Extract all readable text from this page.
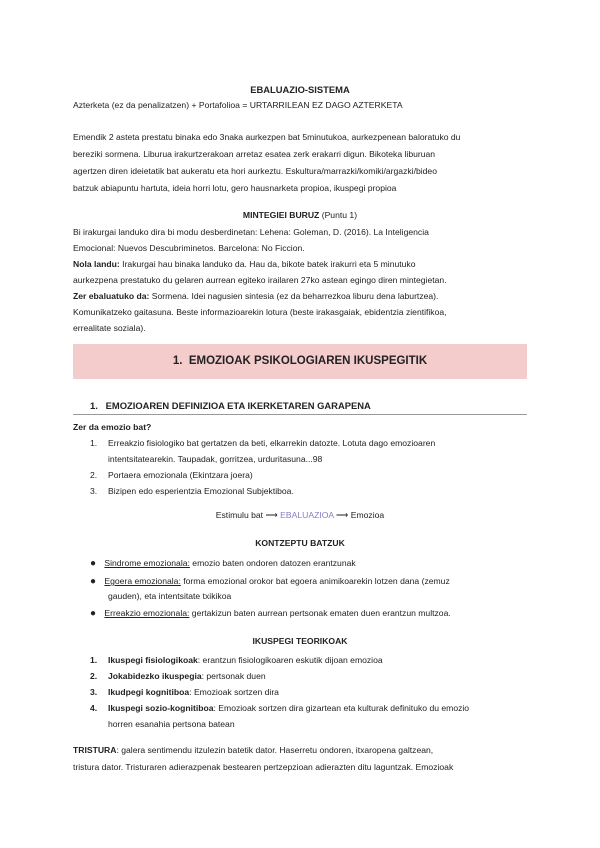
EBALUAZIO-SISTEMA
Azterketa (ez da penalizatzen) + Portafolioa = URTARRILEAN EZ DAGO AZTERKETA
Emendik 2 asteta prestatu binaka edo 3naka aurkezpen bat 5minutukoa, aurkezpenean baloratuko du
bereziki sormena. Liburua irakurtzerakoan arretaz esatea zerk erakarri digun. Bikoteka liburuan
agertzen diren ideietatik bat aukeratu eta hori aurkeztu. Eskultura/marrazki/komiki/argazki/bideo
batzuk abiapuntu hartuta, ideia horri lotu, gero hausnarketa propioa, ikuspegi propioa
MINTEGIEI BURUZ (Puntu 1)
Bi irakurgai landuko dira bi modu desberdinetan: Lehena: Goleman, D. (2016). La Inteligencia
Emocional: Nuevos Descubriminetos. Barcelona: No Ficcion.
Nola landu: Irakurgai hau binaka landuko da. Hau da, bikote batek irakurri eta 5 minutuko
aurkezpena prestatuko du gelaren aurrean egiteko irailaren 27ko astean egingo diren mintegietan.
Zer ebaluatuko da: Sormena. Idei nagusien sintesia (ez da beharrezkoa liburu dena laburtzea).
Komunikatzeko gaitasuna. Beste informazioarekin lotura (beste irakasgaiak, ebidentzia zientifikoa,
errealitate soziala).
1. EMOZIOAK PSIKOLOGIAREN IKUSPEGITIK
1. EMOZIOAREN DEFINIZIOA ETA IKERKETAREN GARAPENA
Zer da emozio bat?
1. Erreakzio fisiologiko bat gertatzen da beti, elkarrekin datozte. Lotuta dago emozioaren
intentsitatearekin. Taupadak, gorritzea, urduritasuna...98
2. Portaera emozionala (Ekintzara joera)
3. Bizipen edo esperientzia Emozional Subjektiboa.
Estimulu bat ⟶ EBALUAZIOA ⟶ Emozioa
KONTZEPTU BATZUK
● Sindrome emozionala: emozio baten ondoren datozen erantzunak
● Egoera emozionala: forma emozional orokor bat egoera animikoarekin lotzen dana (zemuz
gauden), eta intentsitate txikikoa
● Erreakzio emozionala: gertakizun baten aurrean pertsonak ematen duen erantzun multzoa.
IKUSPEGI TEORIKOAK
1. Ikuspegi fisiologikoak: erantzun fisiologikoaren eskutik dijoan emozioa
2. Jokabidezko ikuspegia: pertsonak duen
3. Ikudpegi kognitiboa: Emozioak sortzen dira
4. Ikuspegi sozio-kognitiboa: Emozioak sortzen dira gizartean eta kulturak definituko du emozio
horren esanahia pertsona batean
TRISTURA: galera sentimendu itzulezin batetik dator. Haserretu ondoren, itxaropena galtzean,
tristura dator. Tristuraren adierazpenak bestearen pertzepzioan adierazten ditu laguntzak. Emozioak
